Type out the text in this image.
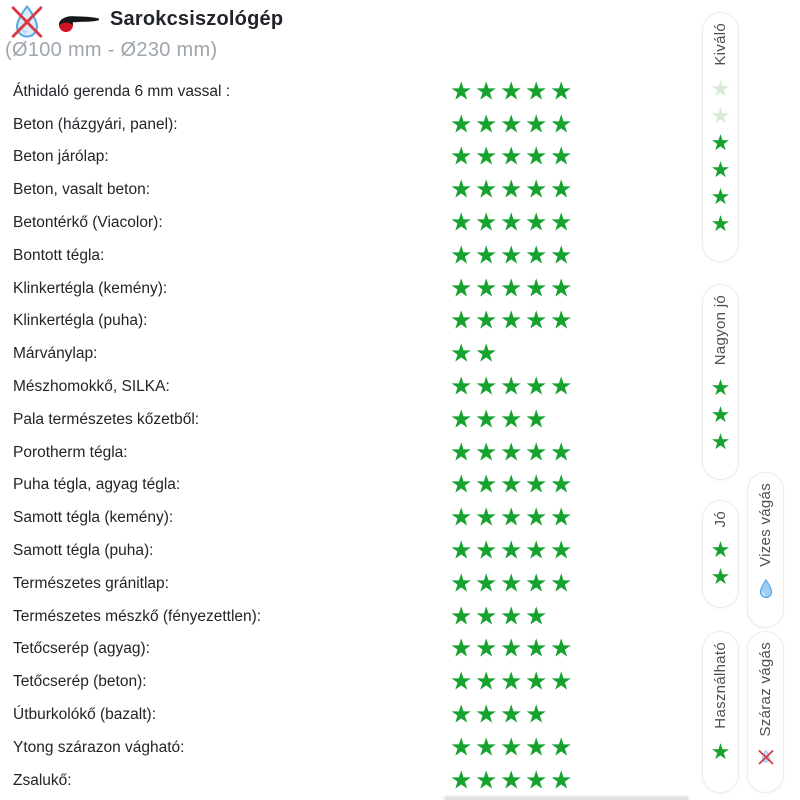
Sarokcsiszológép
(Ø100 mm - Ø230 mm)
Áthidaló gerenda 6 mm vassal :	★ ★ ★ ★ ★
Beton (házgyári, panel):	★ ★ ★ ★ ★
Beton járólap:	★ ★ ★ ★ ★
Beton, vasalt beton:	★ ★ ★ ★ ★
Betontérkő (Viacolor):	★ ★ ★ ★ ★
Bontott tégla:	★ ★ ★ ★ ★
Klinkertégla (kemény):	★ ★ ★ ★ ★
Klinkertégla (puha):	★ ★ ★ ★ ★
Márványlap:	★ ★
Mészhomokkő, SILKA:	★ ★ ★ ★ ★
Pala természetes kőzetből:	★ ★ ★ ★
Porotherm tégla:	★ ★ ★ ★ ★
Puha tégla, agyag tégla:	★ ★ ★ ★ ★
Samott tégla (kemény):	★ ★ ★ ★ ★
Samott tégla (puha):	★ ★ ★ ★ ★
Természetes gránitlap:	★ ★ ★ ★ ★
Természetes mészkő (fényezettlen):	★ ★ ★ ★
Tetőcserép (agyag):	★ ★ ★ ★ ★
Tetőcserép (beton):	★ ★ ★ ★ ★
Útburkolókő (bazalt):	★ ★ ★ ★
Ytong szárazon vágható:	★ ★ ★ ★ ★
Zsalukő:	★ ★ ★ ★ ★
Kiváló
★
★
★
★
★
★
Nagyon jó
★
★
★
Jó
★
★
Használható
★
Vizes vágás
Száraz vágás
